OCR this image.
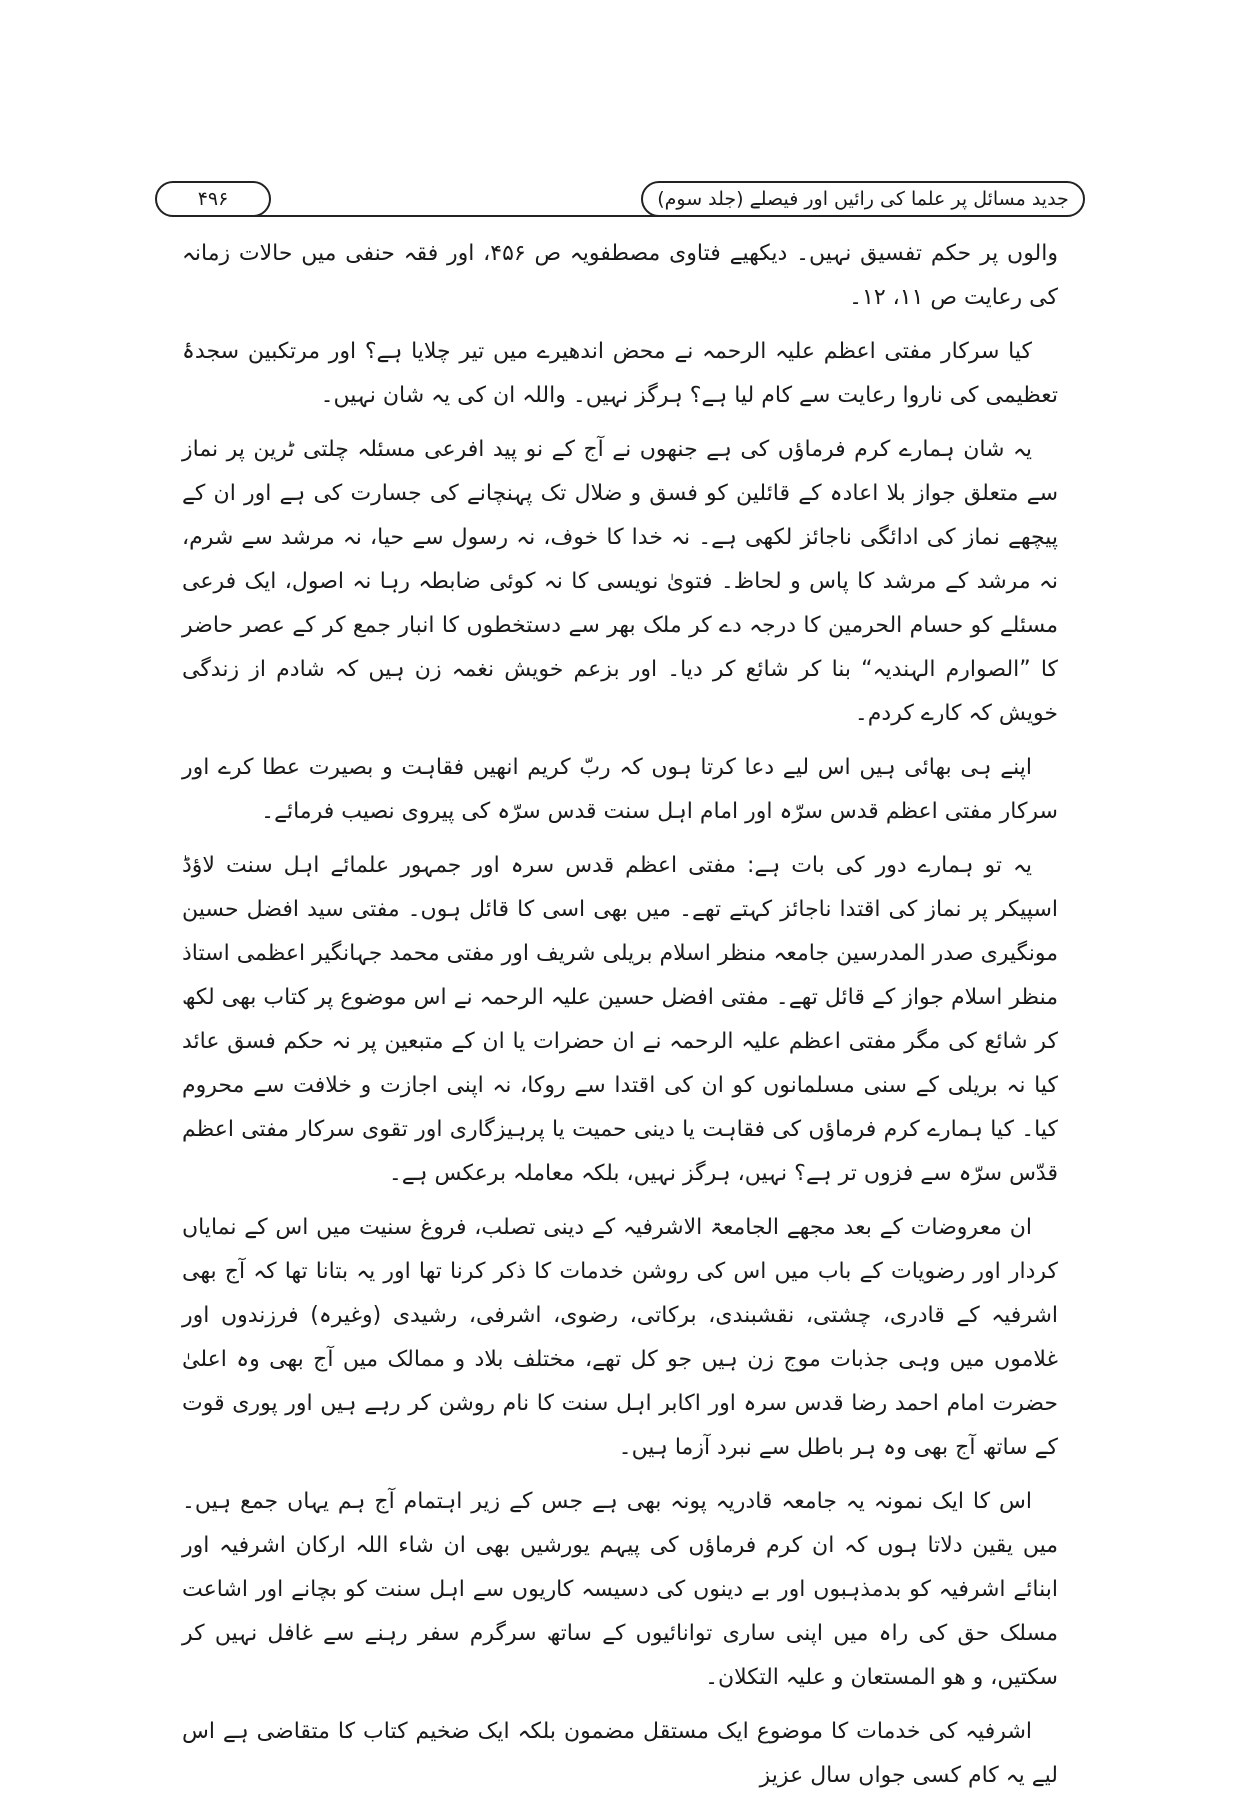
جدید مسائل پر علما کی رائیں اور فیصلے (جلد سوم)
۴۹۶

والوں پر حکم تفسیق نہیں۔ دیکھیے فتاوی مصطفویہ ص ۴۵۶، اور فقہ حنفی میں حالات زمانہ کی رعایت ص ۱۱، ۱۲۔

کیا سرکار مفتی اعظم علیہ الرحمہ نے محض اندھیرے میں تیر چلایا ہے؟ اور مرتکبین سجدۂ تعظیمی کی ناروا رعایت سے کام لیا ہے؟ ہرگز نہیں۔ واللہ ان کی یہ شان نہیں۔

یہ شان ہمارے کرم فرماؤں کی ہے جنھوں نے آج کے نو پید افرعی مسئلہ چلتی ٹرین پر نماز سے متعلق جواز بلا اعادہ کے قائلین کو فسق و ضلال تک پہنچانے کی جسارت کی ہے اور ان کے پیچھے نماز کی ادائگی ناجائز لکھی ہے۔ نہ خدا کا خوف، نہ رسول سے حیا، نہ مرشد سے شرم، نہ مرشد کے مرشد کا پاس و لحاظ۔ فتویٰ نویسی کا نہ کوئی ضابطہ رہا نہ اصول، ایک فرعی مسئلے کو حسام الحرمین کا درجہ دے کر ملک بھر سے دستخطوں کا انبار جمع کر کے عصر حاضر کا ”الصوارم الہندیہ“ بنا کر شائع کر دیا۔ اور بزعم خویش نغمہ زن ہیں کہ شادم از زندگی خویش کہ کارے کردم۔

اپنے ہی بھائی ہیں اس لیے دعا کرتا ہوں کہ ربّ کریم انھیں فقاہت و بصیرت عطا کرے اور سرکار مفتی اعظم قدس سرّہ اور امام اہل سنت قدس سرّہ کی پیروی نصیب فرمائے۔

یہ تو ہمارے دور کی بات ہے: مفتی اعظم قدس سرہ اور جمہور علمائے اہل سنت لاؤڈ اسپیکر پر نماز کی اقتدا ناجائز کہتے تھے۔ میں بھی اسی کا قائل ہوں۔ مفتی سید افضل حسین مونگیری صدر المدرسین جامعہ منظر اسلام بریلی شریف اور مفتی محمد جہانگیر اعظمی استاذ منظر اسلام جواز کے قائل تھے۔ مفتی افضل حسین علیہ الرحمہ نے اس موضوع پر کتاب بھی لکھ کر شائع کی مگر مفتی اعظم علیہ الرحمہ نے ان حضرات یا ان کے متبعین پر نہ حکم فسق عائد کیا نہ بریلی کے سنی مسلمانوں کو ان کی اقتدا سے روکا، نہ اپنی اجازت و خلافت سے محروم کیا۔ کیا ہمارے کرم فرماؤں کی فقاہت یا دینی حمیت یا پرہیزگاری اور تقوی سرکار مفتی اعظم قدّس سرّہ سے فزوں تر ہے؟ نہیں، ہرگز نہیں، بلکہ معاملہ برعکس ہے۔

ان معروضات کے بعد مجھے الجامعۃ الاشرفیہ کے دینی تصلب، فروغ سنیت میں اس کے نمایاں کردار اور رضویات کے باب میں اس کی روشن خدمات کا ذکر کرنا تھا اور یہ بتانا تھا کہ آج بھی اشرفیہ کے قادری، چشتی، نقشبندی، برکاتی، رضوی، اشرفی، رشیدی (وغیرہ) فرزندوں اور غلاموں میں وہی جذبات موج زن ہیں جو کل تھے، مختلف بلاد و ممالک میں آج بھی وہ اعلیٰ حضرت امام احمد رضا قدس سرہ اور اکابر اہل سنت کا نام روشن کر رہے ہیں اور پوری قوت کے ساتھ آج بھی وہ ہر باطل سے نبرد آزما ہیں۔

اس کا ایک نمونہ یہ جامعہ قادریہ پونہ بھی ہے جس کے زیر اہتمام آج ہم یہاں جمع ہیں۔ میں یقین دلاتا ہوں کہ ان کرم فرماؤں کی پیہم یورشیں بھی ان شاء اللہ ارکان اشرفیہ اور ابنائے اشرفیہ کو بدمذہبوں اور بے دینوں کی دسیسہ کاریوں سے اہل سنت کو بچانے اور اشاعت مسلک حق کی راہ میں اپنی ساری توانائیوں کے ساتھ سرگرم سفر رہنے سے غافل نہیں کر سکتیں، و ھو المستعان و علیہ التکلان۔

اشرفیہ کی خدمات کا موضوع ایک مستقل مضمون بلکہ ایک ضخیم کتاب کا متقاضی ہے اس لیے یہ کام کسی جواں سال عزیز
